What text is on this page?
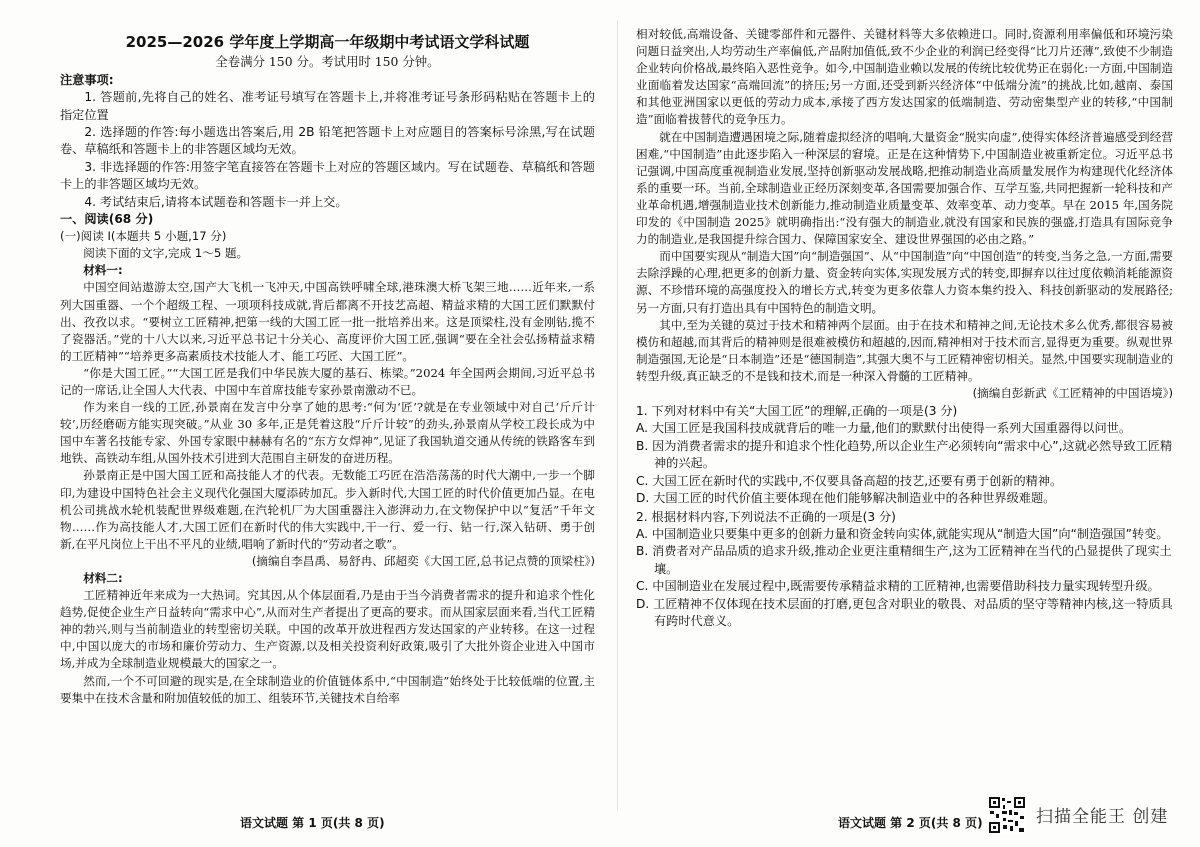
2025—2026 学年度上学期高一年级期中考试语文学科试题
全卷满分 150 分。考试用时 150 分钟。
注意事项:

1. 答题前,先将自己的姓名、准考证号填写在答题卡上,并将准考证号条形码粘贴在答题卡上的指定位置

2. 选择题的作答:每小题选出答案后,用 2B 铅笔把答题卡上对应题目的答案标号涂黑,写在试题卷、草稿纸和答题卡上的非答题区域均无效。

3. 非选择题的作答:用签字笔直接答在答题卡上对应的答题区域内。写在试题卷、草稿纸和答题卡上的非答题区域均无效。

4. 考试结束后,请将本试题卷和答题卡一并上交。

一、阅读(68 分)
(一)阅读 I(本题共 5 小题,17 分)

阅读下面的文字,完成 1～5 题。

材料一:

中国空间站遨游太空,国产大飞机一飞冲天,中国高铁呼啸全球,港珠澳大桥飞架三地……近年来,一系列大国重器、一个个超级工程、一项项科技成就,背后都离不开技艺高超、精益求精的大国工匠们默默付出、孜孜以求。“要树立工匠精神,把第一线的大国工匠一批一批培养出来。这是顶梁柱,没有金刚钻,揽不了瓷器活。”党的十八大以来,习近平总书记十分关心、高度评价大国工匠,强调“要在全社会弘扬精益求精的工匠精神”“培养更多高素质技术技能人才、能工巧匠、大国工匠”。

“你是大国工匠。”“大国工匠是我们中华民族大厦的基石、栋梁。”2024 年全国两会期间,习近平总书记的一席话,让全国人大代表、中国中车首席技能专家孙景南激动不已。

作为来自一线的工匠,孙景南在发言中分享了她的思考:“何为‘匠’?就是在专业领域中对自己‘斤斤计较’,历经磨砺方能实现突破。”从业 30 多年,正是凭着这股“斤斤计较”的劲头,孙景南从学校工段长成为中国中车著名技能专家、外国专家眼中赫赫有名的“东方女焊神”,见证了我国轨道交通从传统的铁路客车到地铁、高铁动车组,从国外技术引进到大范围自主研发的奋进历程。

孙景南正是中国大国工匠和高技能人才的代表。无数能工巧匠在浩浩荡荡的时代大潮中,一步一个脚印,为建设中国特色社会主义现代化强国大厦添砖加瓦。步入新时代,大国工匠的时代价值更加凸显。在电机公司挑战水轮机装配世界级难题,在汽轮机厂为大国重器注入澎湃动力,在文物保护中以“复活”千年文物……作为高技能人才,大国工匠们在新时代的伟大实践中,干一行、爱一行、钻一行,深入钻研、勇于创新,在平凡岗位上干出不平凡的业绩,唱响了新时代的“劳动者之歌”。

(摘编自李昌禹、易舒冉、邱超奕《大国工匠,总书记点赞的顶梁柱》)

材料二:

工匠精神近年来成为一大热词。究其因,从个体层面看,乃是由于当今消费者需求的提升和追求个性化趋势,促使企业生产日益转向“需求中心”,从而对生产者提出了更高的要求。而从国家层面来看,当代工匠精神的勃兴,则与当前制造业的转型密切关联。中国的改革开放进程西方发达国家的产业转移。在这一过程中,中国以庞大的市场和廉价劳动力、生产资源,以及相关投资利好政策,吸引了大批外资企业进入中国市场,并成为全球制造业规模最大的国家之一。

然而,一个不可回避的现实是,在全球制造业的价值链体系中,“中国制造”始终处于比较低端的位置,主要集中在技术含量和附加值较低的加工、组装环节,关键技术自给率

相对较低,高端设备、关键零部件和元器件、关键材料等大多依赖进口。同时,资源利用率偏低和环境污染问题日益突出,人均劳动生产率偏低,产品附加值低,致不少企业的利润已经变得“比刀片还薄”,致使不少制造企业转向价格战,最终陷入恶性竞争。如今,中国制造业赖以发展的传统比较优势正在弱化:一方面,中国制造业面临着发达国家“高端回流”的挤压;另一方面,还受到新兴经济体“中低端分流”的挑战,比如,越南、泰国和其他亚洲国家以更低的劳动力成本,承接了西方发达国家的低端制造、劳动密集型产业的转移,“中国制造”面临着拔替代的竞争压力。

就在中国制造遭遇困境之际,随着虚拟经济的唱响,大量资金“脱实向虚”,使得实体经济普遍感受到经营困难,“中国制造”由此逐步陷入一种深层的窘境。正是在这种情势下,中国制造业被重新定位。习近平总书记强调,中国高度重视制造业发展,坚持创新驱动发展战略,把推动制造业高质量发展作为构建现代化经济体系的重要一环。当前,全球制造业正经历深刻变革,各国需要加强合作、互学互鉴,共同把握新一轮科技和产业革命机遇,增强制造业技术创新能力,推动制造业质量变革、效率变革、动力变革。早在 2015 年,国务院印发的《中国制造 2025》就明确指出:“没有强大的制造业,就没有国家和民族的强盛,打造具有国际竞争力的制造业,是我国提升综合国力、保障国家安全、建设世界强国的必由之路。”

而中国要实现从“制造大国”向“制造强国”、从“中国制造”向“中国创造”的转变,当务之急,一方面,需要去除浮躁的心理,把更多的创新力量、资金转向实体,实现发展方式的转变,即摒弃以往过度依赖消耗能源资源、不珍惜环境的高强度投入的增长方式,转变为更多依靠人力资本集约投入、科技创新驱动的发展路径;另一方面,只有打造出具有中国特色的制造文明。

其中,至为关键的莫过于技术和精神两个层面。由于在技术和精神之间,无论技术多么优秀,都很容易被模仿和超越,而其背后的精神则是很难被模仿和超越的,因而,精神相对于技术而言,显得更为重要。纵观世界制造强国,无论是“日本制造”还是“德国制造”,其强大奥不与工匠精神密切相关。显然,中国要实现制造业的转型升级,真正缺乏的不是钱和技术,而是一种深入骨髓的工匠精神。

(摘编自彭新武《工匠精神的中国语境》)

1. 下列对材料中有关“大国工匠”的理解,正确的一项是(3 分)
A. 大国工匠是我国科技成就背后的唯一力量,他们的默默付出使得一系列大国重器得以问世。
B. 因为消费者需求的提升和追求个性化趋势,所以企业生产必须转向“需求中心”,这就必然导致工匠精神的兴起。
C. 大国工匠在新时代的实践中,不仅要具备高超的技艺,还要有勇于创新的精神。
D. 大国工匠的时代价值主要体现在他们能够解决制造业中的各种世界级难题。
2. 根据材料内容,下列说法不正确的一项是(3 分)
A. 中国制造业只要集中更多的创新力量和资金转向实体,就能实现从“制造大国”向“制造强国”转变。
B. 消费者对产品品质的追求升级,推动企业更注重精细生产,这为工匠精神在当代的凸显提供了现实土壤。
C. 中国制造业在发展过程中,既需要传承精益求精的工匠精神,也需要借助科技力量实现转型升级。
D. 工匠精神不仅体现在技术层面的打磨,更包含对职业的敬畏、对品质的坚守等精神内核,这一特质具有跨时代意义。
语文试题 第 1 页(共 8 页)	语文试题 第 2 页(共 8 页)	扫描全能王 创建
